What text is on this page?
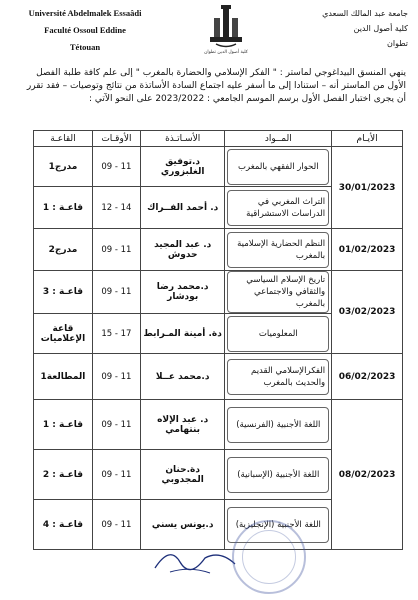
Université Abdelmalek Essaâdi
Faculté Ossoul Eddine
Tétouan
كلية أصول الدين تطوان
جامعة عبد المالك السعدي
كلية أصول الدين
تطوان

ينهي المنسق البيداغوجي لماستر : " الفكر الإسلامي والحضارة بالمغرب " إلى علم كافة طلبة الفصل

الأول من الماستر أنه – استنادا إلى ما أسفر عليه اجتماع السادة الأساتذة من نتائج وتوصيات – فقد تقرر

أن يجرى اختبار الفصل الأول برسم الموسم الجامعي : 2023/2022 على النحو الآتي :

الأيـام	المــواد	الأسـاتـذة	الأوقـات	القاعـة
30/01/2023	الحوار الفقهي بالمغرب	د.توفيق الغلبزوري	09 - 11	مدرج1

	التراث المغربي في الدراسات الاستشراقية	د. أحمد الفــراك	12 - 14	قاعـة : 1
01/02/2023	النظم الحضارية الإسلامية بالمغرب	د. عبد المجيد حدوش	09 - 11	مدرج2
03/02/2023	تاريخ الإسلام السياسي والثقافي والاجتماعي بالمغرب	د.محمد رضا بودشار	09 - 11	قاعـة : 3

	المعلوميات	دة. أمينة المـرابط	15 - 17	قاعة الإعلاميات
06/02/2023	الفكرالإسلامي القديم والحديث بالمغرب	د.محمد عــلا	09 - 11	المطالعة1
08/02/2023	اللغة الأجنبية (الفرنسية)	د. عبد الإلاه بنتهامي	09 - 11	قاعـة : 1

	اللغة الأجنبية (الإسبانية)	دة.حنان المجدوبي	09 - 11	قاعـة : 2

	اللغة الأجنبية (الإنجليزية)	د.يونس يسني	09 - 11	قاعـة : 4
